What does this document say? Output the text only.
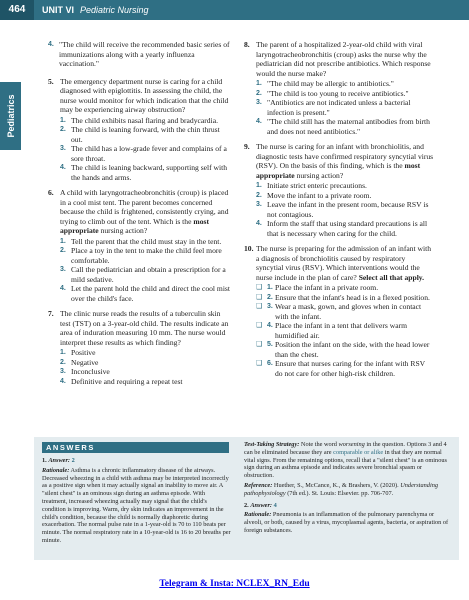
464	UNIT VI Pediatric Nursing
Pediatrics
4. "The child will receive the recommended basic series of immunizations along with a yearly influenza vaccination."
5. The emergency department nurse is caring for a child diagnosed with epiglottitis. In assessing the child, the nurse would monitor for which indication that the child may be experiencing airway obstruction?
1. The child exhibits nasal flaring and bradycardia.
2. The child is leaning forward, with the chin thrust out.
3. The child has a low-grade fever and complains of a sore throat.
4. The child is leaning backward, supporting self with the hands and arms.
6. A child with laryngotracheobronchitis (croup) is placed in a cool mist tent. The parent becomes concerned because the child is frightened, consistently crying, and trying to climb out of the tent. Which is the most appropriate nursing action?
1. Tell the parent that the child must stay in the tent.
2. Place a toy in the tent to make the child feel more comfortable.
3. Call the pediatrician and obtain a prescription for a mild sedative.
4. Let the parent hold the child and direct the cool mist over the child's face.
7. The clinic nurse reads the results of a tuberculin skin test (TST) on a 3-year-old child. The results indicate an area of induration measuring 10 mm. The nurse would interpret these results as which finding?
1. Positive
2. Negative
3. Inconclusive
4. Definitive and requiring a repeat test
8. The parent of a hospitalized 2-year-old child with viral laryngotracheobronchitis (croup) asks the nurse why the pediatrician did not prescribe antibiotics. Which response would the nurse make?
1. "The child may be allergic to antibiotics."
2. "The child is too young to receive antibiotics."
3. "Antibiotics are not indicated unless a bacterial infection is present."
4. "The child still has the maternal antibodies from birth and does not need antibiotics."
9. The nurse is caring for an infant with bronchiolitis, and diagnostic tests have confirmed respiratory syncytial virus (RSV). On the basis of this finding, which is the most appropriate nursing action?
1. Initiate strict enteric precautions.
2. Move the infant to a private room.
3. Leave the infant in the present room, because RSV is not contagious.
4. Inform the staff that using standard precautions is all that is necessary when caring for the child.
10. The nurse is preparing for the admission of an infant with a diagnosis of bronchiolitis caused by respiratory syncytial virus (RSV). Which interventions would the nurse include in the plan of care? Select all that apply.
❑ 1. Place the infant in a private room.
❑ 2. Ensure that the infant's head is in a flexed position.
❑ 3. Wear a mask, gown, and gloves when in contact with the infant.
❑ 4. Place the infant in a tent that delivers warm humidified air.
❑ 5. Position the infant on the side, with the head lower than the chest.
❑ 6. Ensure that nurses caring for the infant with RSV do not care for other high-risk children.
ANSWERS
1. Answer: 2
Rationale: Asthma is a chronic inflammatory disease of the airways. Decreased wheezing in a child with asthma may be interpreted incorrectly as a positive sign when it may actually signal an inability to move air. A "silent chest" is an ominous sign during an asthma episode. With treatment, increased wheezing actually may signal that the child's condition is improving. Warm, dry skin indicates an improvement in the child's condition, because the child is normally diaphoretic during exacerbation. The normal pulse rate in a 1-year-old is 70 to 110 beats per minute. The normal respiratory rate in a 10-year-old is 16 to 20 breaths per minute.
Test-Taking Strategy: Note the word worsening in the question. Options 3 and 4 can be eliminated because they are comparable or alike in that they are normal vital signs. From the remaining options, recall that a "silent chest" is an ominous sign during an asthma episode and indicates severe bronchial spasm or obstruction.
Reference: Huether, S., McCance, K., & Brashers, V. (2020). Understanding pathophysiology (7th ed.). St. Louis: Elsevier. pp. 706-707.
2. Answer: 4
Rationale: Pneumonia is an inflammation of the pulmonary parenchyma or alveoli, or both, caused by a virus, mycoplasmal agents, bacteria, or aspiration of foreign substances.
Telegram & Insta: NCLEX_RN_Edu
